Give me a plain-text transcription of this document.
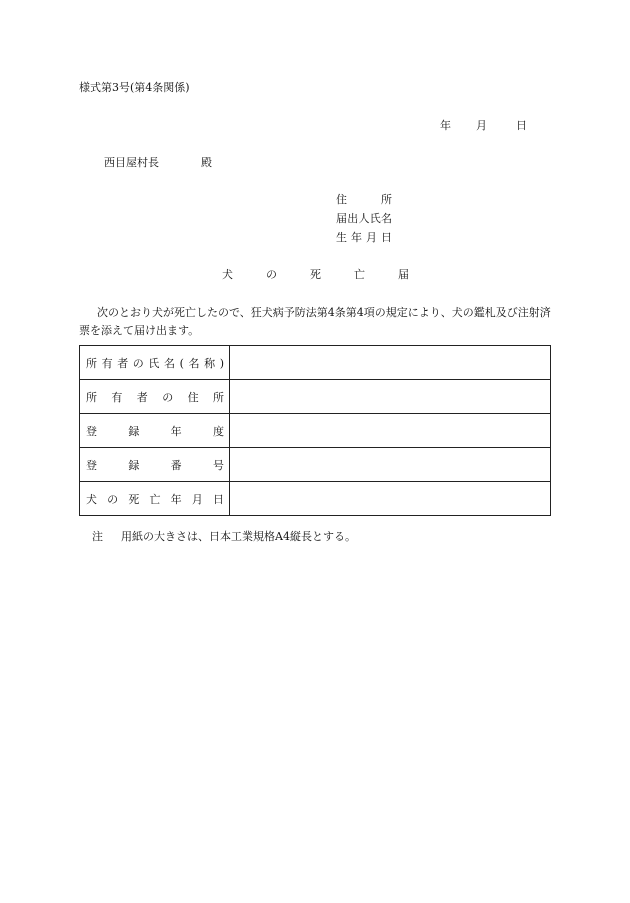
様式第3号(第4条関係)
年 月	日
西目屋村長	殿
住所
届出人氏名
生年月日
犬	の	死	亡	届
次のとおり犬が死亡したので、狂犬病予防法第4条第4項の規定により、犬の鑑札及び注射済票を添えて届け出ます。
所有者の氏名(名称)	

所有者の住所	

登録年度	

登録番号	

犬の死亡年月日	

注 用紙の大きさは、日本工業規格A4縦長とする。
